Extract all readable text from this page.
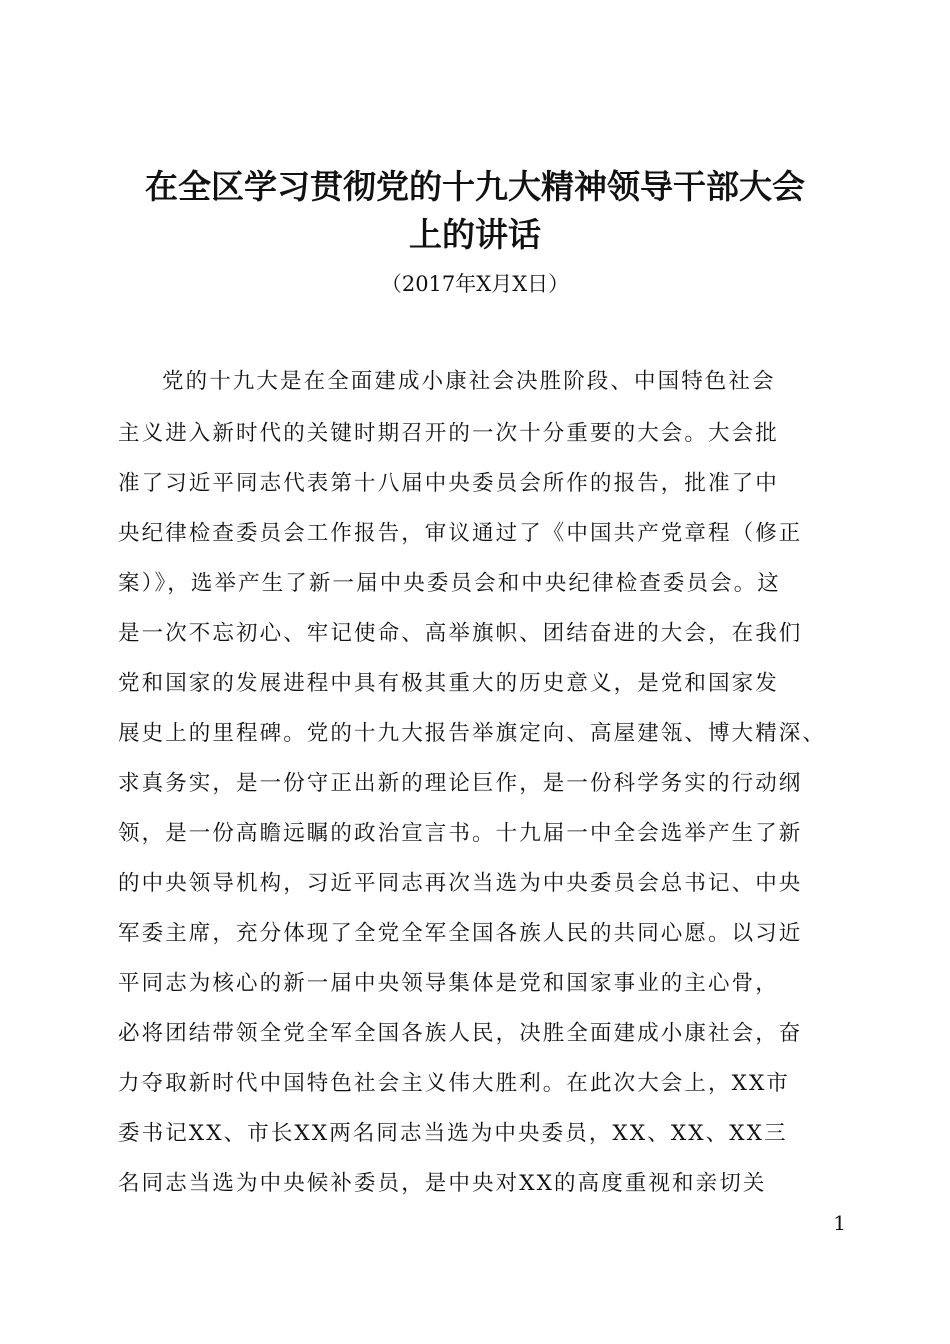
在全区学习贯彻党的十九大精神领导干部大会
上的讲话
（2017年X月X日）

党的十九大是在全面建成小康社会决胜阶段、中国特色社会

主义进入新时代的关键时期召开的一次十分重要的大会。大会批

准了习近平同志代表第十八届中央委员会所作的报告，批准了中

央纪律检查委员会工作报告，审议通过了《中国共产党章程（修正

案）》，选举产生了新一届中央委员会和中央纪律检查委员会。这

是一次不忘初心、牢记使命、高举旗帜、团结奋进的大会，在我们

党和国家的发展进程中具有极其重大的历史意义，是党和国家发

展史上的里程碑。党的十九大报告举旗定向、高屋建瓴、博大精深、

求真务实，是一份守正出新的理论巨作，是一份科学务实的行动纲

领，是一份高瞻远瞩的政治宣言书。十九届一中全会选举产生了新

的中央领导机构，习近平同志再次当选为中央委员会总书记、中央

军委主席，充分体现了全党全军全国各族人民的共同心愿。以习近

平同志为核心的新一届中央领导集体是党和国家事业的主心骨，

必将团结带领全党全军全国各族人民，决胜全面建成小康社会，奋

力夺取新时代中国特色社会主义伟大胜利。在此次大会上，XX市

委书记XX、市长XX两名同志当选为中央委员，XX、XX、XX三

名同志当选为中央候补委员，是中央对XX的高度重视和亲切关

1
